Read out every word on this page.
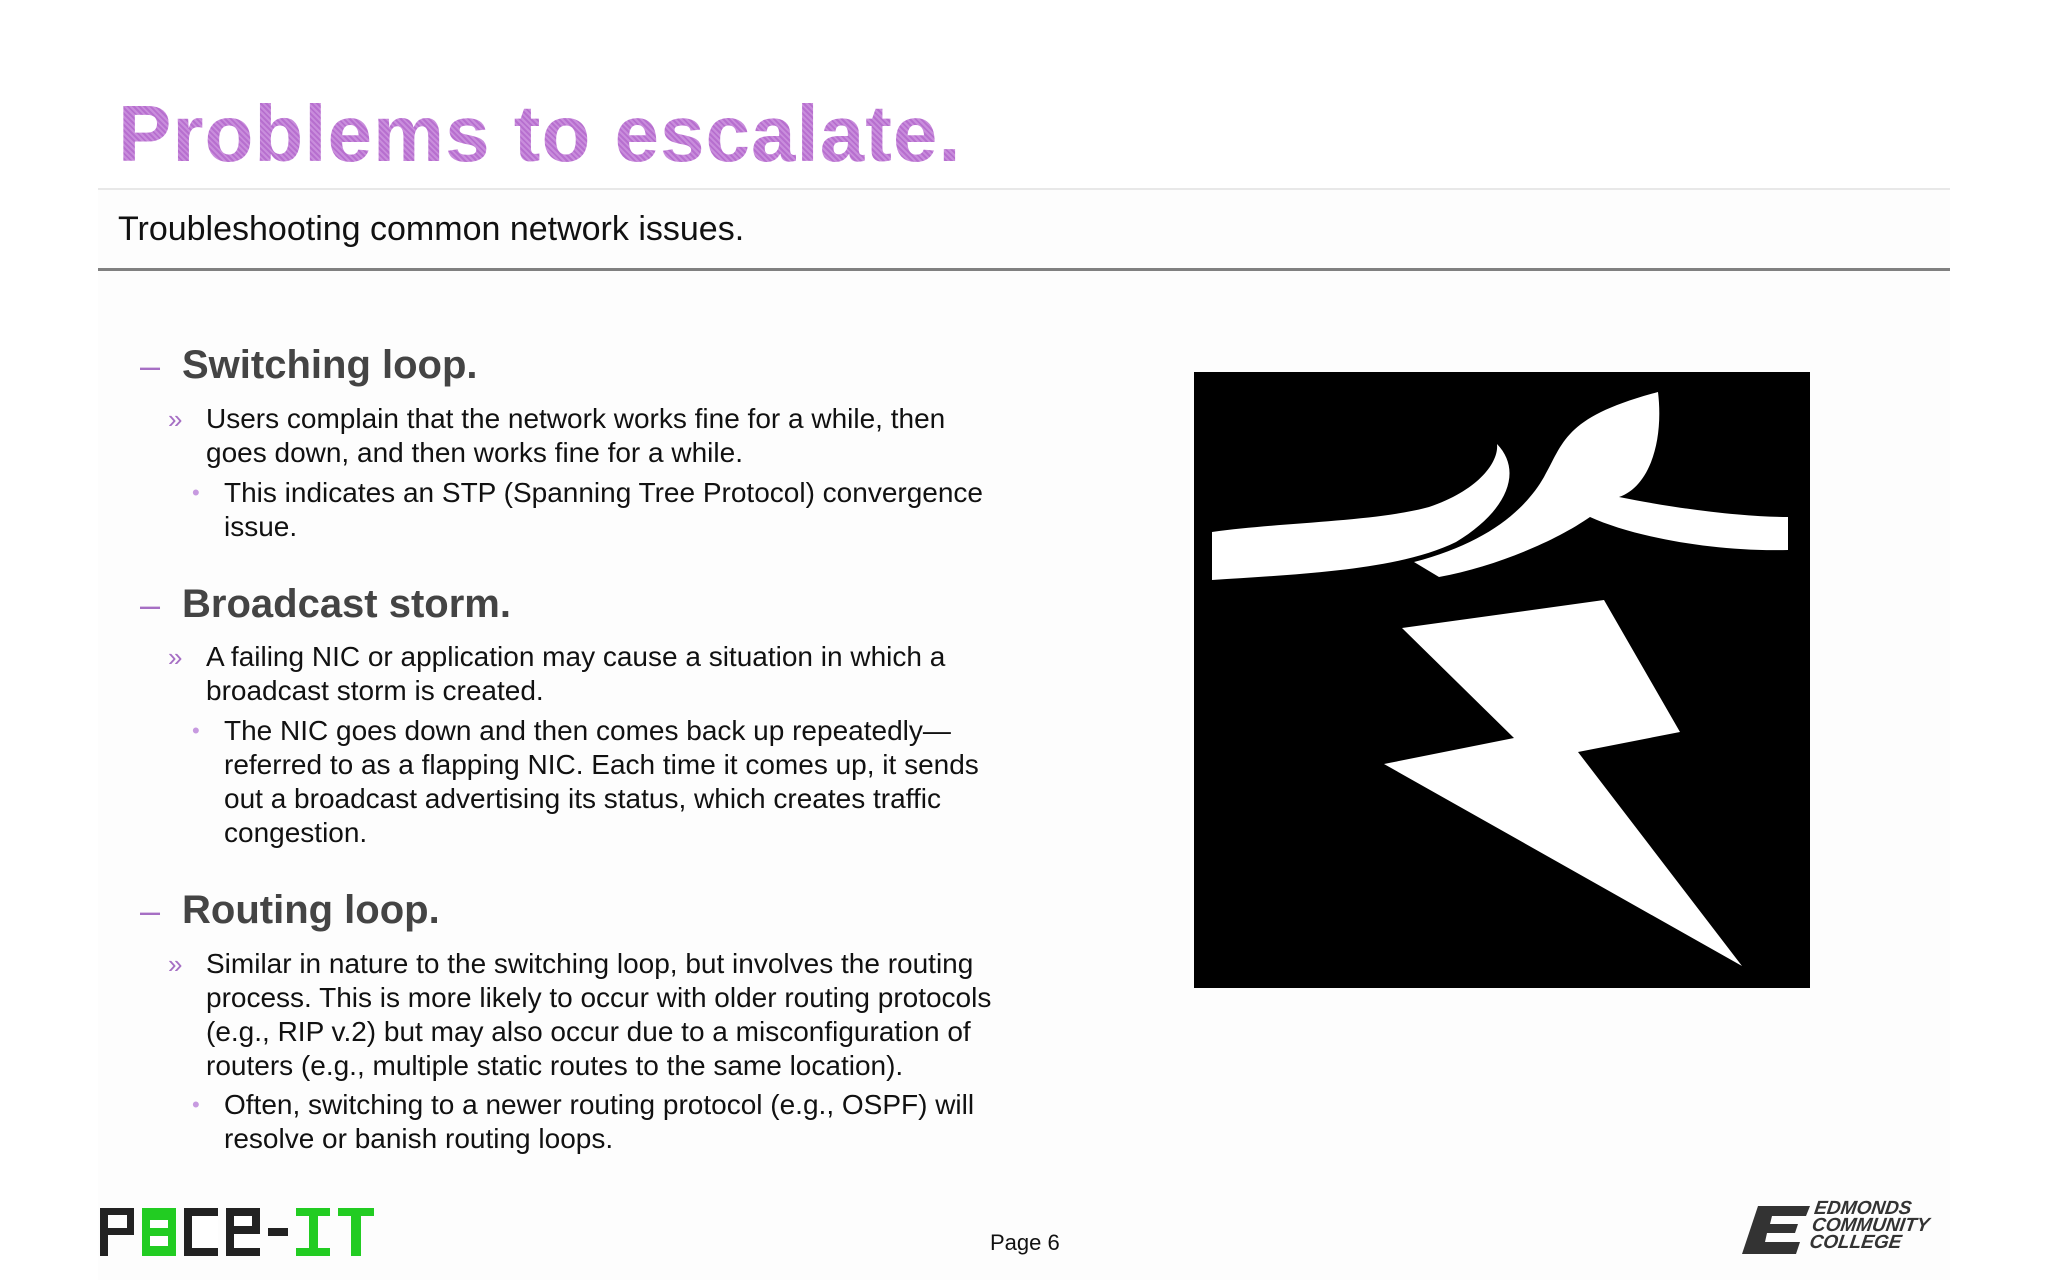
Problems to escalate.
Troubleshooting common network issues.
– Switching loop.
» Users complain that the network works fine for a while, then goes down, and then works fine for a while.
• This indicates an STP (Spanning Tree Protocol) convergence issue.
– Broadcast storm.
» A failing NIC or application may cause a situation in which a broadcast storm is created.
• The NIC goes down and then comes back up repeatedly—referred to as a flapping NIC. Each time it comes up, it sends out a broadcast advertising its status, which creates traffic congestion.
– Routing loop.
» Similar in nature to the switching loop, but involves the routing process. This is more likely to occur with older routing protocols (e.g., RIP v.2) but may also occur due to a misconfiguration of routers (e.g., multiple static routes to the same location).
• Often, switching to a newer routing protocol (e.g., OSPF) will resolve or banish routing loops.
Page 6
EDMONDS
COMMUNITY
COLLEGE
